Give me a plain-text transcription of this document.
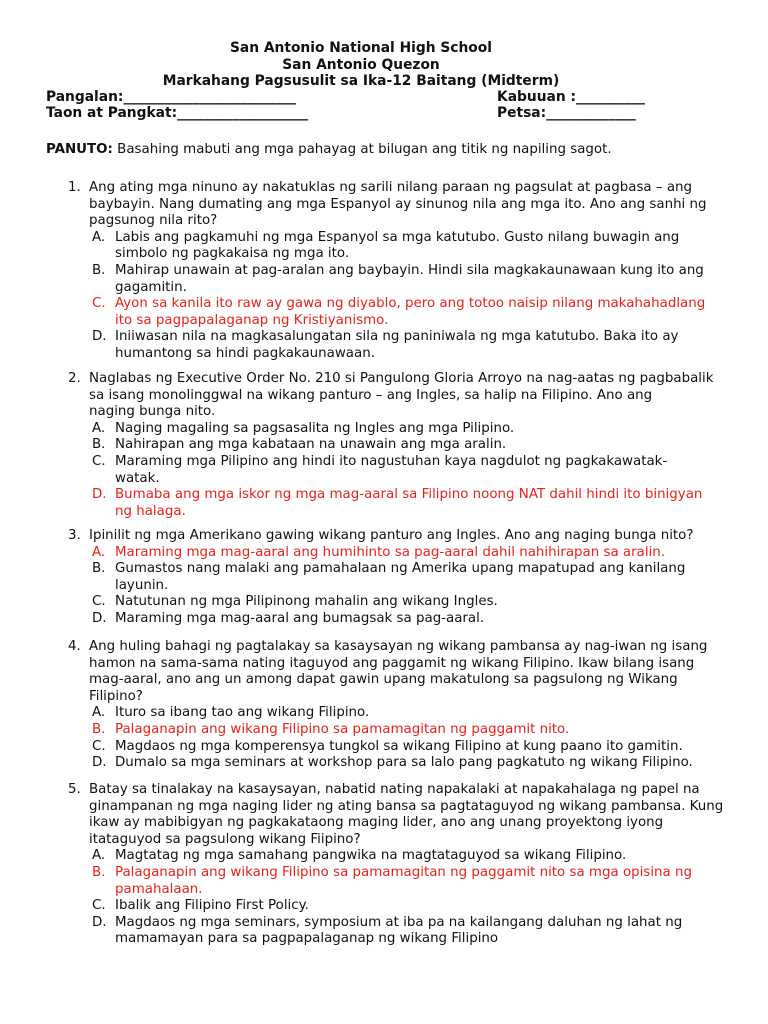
San Antonio National High School
San Antonio Quezon
Markahang Pagsusulit sa Ika-12 Baitang (Midterm)
Pangalan:_________________________	Kabuuan :__________
Taon at Pangkat:___________________	Petsa:_____________
PANUTO: Basahing mabuti ang mga pahayag at bilugan ang titik ng napiling sagot.
1. Ang ating mga ninuno ay nakatuklas ng sarili nilang paraan ng pagsulat at pagbasa – ang
baybayin. Nang dumating ang mga Espanyol ay sinunog nila ang mga ito. Ano ang sanhi ng
pagsunog nila rito?
A. Labis ang pagkamuhi ng mga Espanyol sa mga katutubo. Gusto nilang buwagin ang
simbolo ng pagkakaisa ng mga ito.
B. Mahirap unawain at pag-aralan ang baybayin. Hindi sila magkakaunawaan kung ito ang
gagamitin.
C. Ayon sa kanila ito raw ay gawa ng diyablo, pero ang totoo naisip nilang makahahadlang
ito sa pagpapalaganap ng Kristiyanismo.
D. Iniiwasan nila na magkasalungatan sila ng paniniwala ng mga katutubo. Baka ito ay
humantong sa hindi pagkakaunawaan.
2. Naglabas ng Executive Order No. 210 si Pangulong Gloria Arroyo na nag-aatas ng pagbabalik
sa isang monolinggwal na wikang panturo – ang Ingles, sa halip na Filipino. Ano ang
naging bunga nito.
A. Naging magaling sa pagsasalita ng Ingles ang mga Pilipino.
B. Nahirapan ang mga kabataan na unawain ang mga aralin.
C. Maraming mga Pilipino ang hindi ito nagustuhan kaya nagdulot ng pagkakawatak-
watak.
D. Bumaba ang mga iskor ng mga mag-aaral sa Filipino noong NAT dahil hindi ito binigyan
ng halaga.
3. Ipinilit ng mga Amerikano gawing wikang panturo ang Ingles. Ano ang naging bunga nito?
A. Maraming mga mag-aaral ang humihinto sa pag-aaral dahil nahihirapan sa aralin.
B. Gumastos nang malaki ang pamahalaan ng Amerika upang mapatupad ang kanilang
layunin.
C. Natutunan ng mga Pilipinong mahalin ang wikang Ingles.
D. Maraming mga mag-aaral ang bumagsak sa pag-aaral.
4. Ang huling bahagi ng pagtalakay sa kasaysayan ng wikang pambansa ay nag-iwan ng isang
hamon na sama-sama nating itaguyod ang paggamit ng wikang Filipino. Ikaw bilang isang
mag-aaral, ano ang un among dapat gawin upang makatulong sa pagsulong ng Wikang
Filipino?
A. Ituro sa ibang tao ang wikang Filipino.
B. Palaganapin ang wikang Filipino sa pamamagitan ng paggamit nito.
C. Magdaos ng mga komperensya tungkol sa wikang Filipino at kung paano ito gamitin.
D. Dumalo sa mga seminars at workshop para sa lalo pang pagkatuto ng wikang Filipino.
5. Batay sa tinalakay na kasaysayan, nabatid nating napakalaki at napakahalaga ng papel na
ginampanan ng mga naging lider ng ating bansa sa pagtataguyod ng wikang pambansa. Kung
ikaw ay mabibigyan ng pagkakataong maging lider, ano ang unang proyektong iyong
itataguyod sa pagsulong wikang Fiipino?
A. Magtatag ng mga samahang pangwika na magtataguyod sa wikang Filipino.
B. Palaganapin ang wikang Filipino sa pamamagitan ng paggamit nito sa mga opisina ng
pamahalaan.
C. Ibalik ang Filipino First Policy.
D. Magdaos ng mga seminars, symposium at iba pa na kailangang daluhan ng lahat ng
mamamayan para sa pagpapalaganap ng wikang Filipino
